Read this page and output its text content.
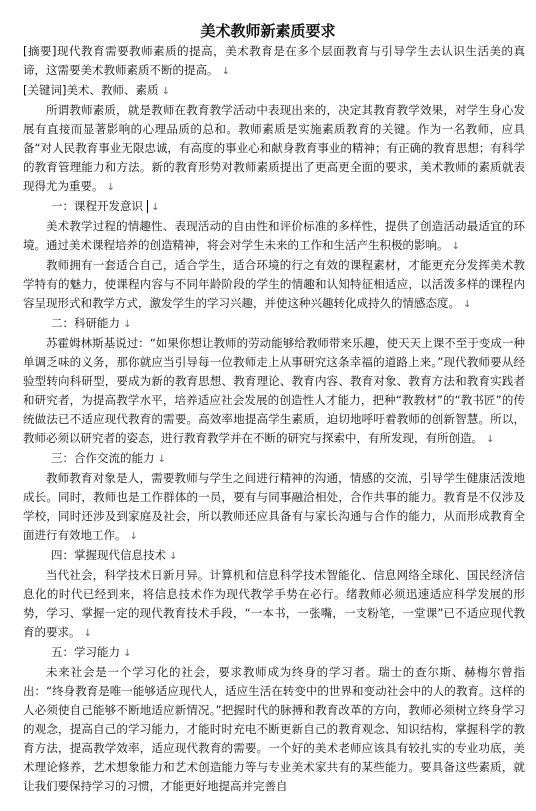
美术教师新素质要求

[摘要]现代教育需要教师素质的提高，美术教育是在多个层面教育与引导学生去认识生活美的真谛，这需要美术教师素质不断的提高。 ↓

[关键词]美术、教师、素质 ↓

所谓教师素质，就是教师在教育教学活动中表现出来的，决定其教育教学效果，对学生身心发展有直接而显著影响的心理品质的总和。教师素质是实施素质教育的关键。作为一名教师，应具备“对人民教育事业无限忠诚，有高度的事业心和献身教育事业的精神；有正确的教育思想；有科学的教育管理能力和方法。新的教育形势对教师素质提出了更高更全面的要求，美术教师的素质就表现得尤为重要。 ↓

一：课程开发意识 ↓

美术教学过程的情趣性、表现活动的自由性和评价标准的多样性，提供了创造活动最适宜的环境。通过美术课程培养的创造精神，将会对学生未来的工作和生活产生积极的影响。 ↓

教师拥有一套适合自己，适合学生，适合环境的行之有效的课程素材，才能更充分发挥美术教学特有的魅力，使课程内容与不同年龄阶段的学生的情趣和认知特征相适应，以活泼多样的课程内容呈现形式和教学方式，激发学生的学习兴趣，并使这种兴趣转化成持久的情感态度。 ↓

二：科研能力 ↓

苏霍姆林斯基说过：“如果你想让教师的劳动能够给教师带来乐趣，使天天上课不至于变成一种单调乏味的义务，那你就应当引导每一位教师走上从事研究这条幸福的道路上来。”现代教师要从经验型转向科研型，要成为新的教育思想、教育理论、教育内容、教育对象、教育方法和教育实践者和研究者，为提高教学水平，培养适应社会发展的创造性人才能力，把种“教教材”的“教书匠”的传统做法已不适应现代教育的需要。高效率地提高学生素质，迫切地呼吁着教师的创新智慧。所以，教师必须以研究者的姿态，进行教育教学并在不断的研究与探索中，有所发现，有所创造。 ↓

三：合作交流的能力 ↓

教师教育对象是人，需要教师与学生之间进行精神的沟通，情感的交流，引导学生健康活泼地成长。同时，教师也是工作群体的一员，要有与同事融洽相处，合作共事的能力。教育是不仅涉及学校，同时还涉及到家庭及社会，所以教师还应具备有与家长沟通与合作的能力，从而形成教育全面进行有效地工作。 ↓

四：掌握现代信息技术 ↓

当代社会，科学技术日新月异。计算机和信息科学技术智能化、信息网络全球化、国民经济信息化的时代已经到来，将信息技术作为现代教学手势在必行。绪教师必须迅速适应科学发展的形势，学习、掌握一定的现代教育技术手段，“一本书，一张嘴，一支粉笔，一堂课”已不适应现代教育的要求。 ↓

五：学习能力 ↓

未来社会是一个学习化的社会，要求教师成为终身的学习者。瑞士的查尔斯、赫梅尔曾指出：“终身教育是唯一能够适应现代人，适应生活在转变中的世界和变动社会中的人的教育。这样的人必须使自己能够不断地适应新情况。”把握时代的脉搏和教育改革的方向，教师必须树立终身学习的观念，提高自己的学习能力，才能时时充电不断更新自己的教育观念、知识结构，掌握科学的教育方法，提高教学效率，适应现代教育的需要。一个好的美术老师应该具有较扎实的专业功底，美术理论修养，艺术想象能力和艺术创造能力等与专业美术家共有的某些能力。要具备这些素质，就让我们要保持学习的习惯，才能更好地提高并完善自
